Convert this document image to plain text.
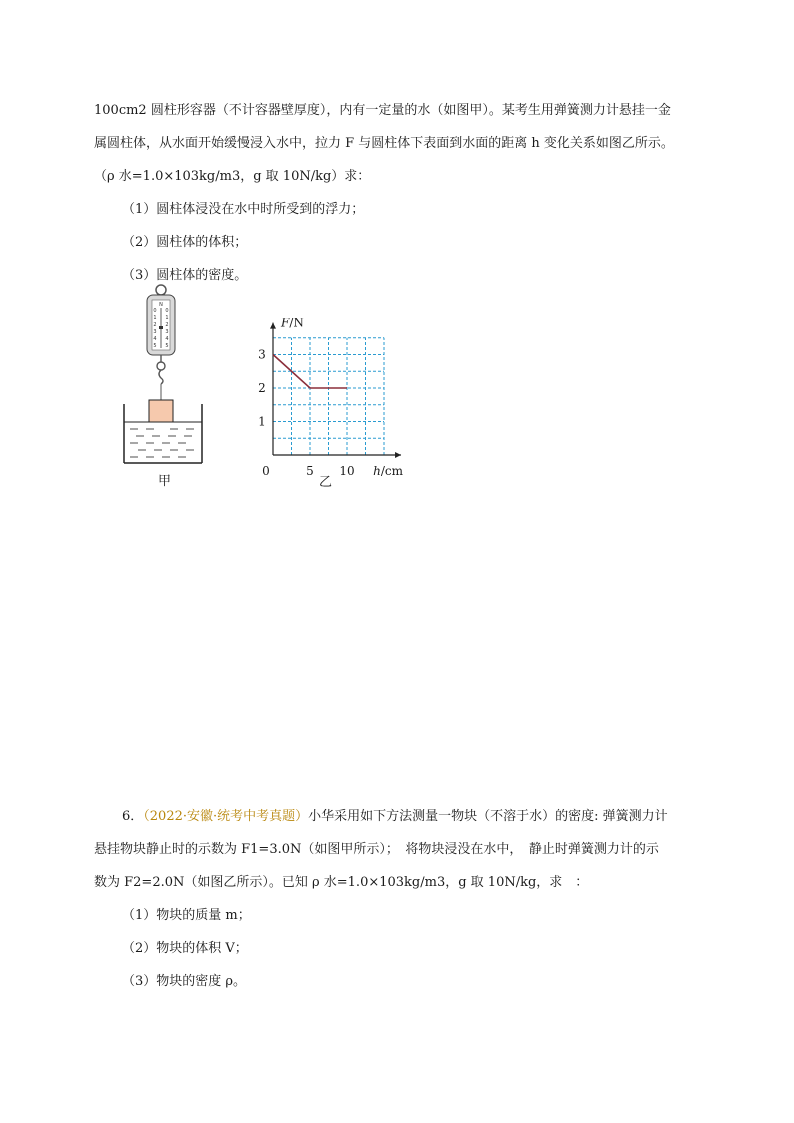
100cm2 圆柱形容器（不计容器壁厚度），内有一定量的水（如图甲）。某考生用弹簧测力计悬挂一金
属圆柱体，从水面开始缓慢浸入水中，拉力 F 与圆柱体下表面到水面的距离 h 变化关系如图乙所示。
（ρ 水=1.0×103kg/m3，g 取 10N/kg）求：
（1）圆柱体浸没在水中时所受到的浮力；
（2）圆柱体的体积；
（3）圆柱体的密度。
N
0
1
2
3
4
5
0
1
2
3
4
5
甲
1
2
3
0	5 10
F/N
h/cm
乙
6．（2022·安徽·统考中考真题）小华采用如下方法测量一物块（不溶于水）的密度: 弹簧测力计
悬挂物块静止时的示数为 F1=3.0N（如图甲所示）；　将物块浸没在水中，　静止时弹簧测力计的示
数为 F2=2.0N（如图乙所示）。已知 ρ 水=1.0×103kg/m3，g 取 10N/kg，求　：
（1）物块的质量 m；
（2）物块的体积 V；
（3）物块的密度 ρ。
